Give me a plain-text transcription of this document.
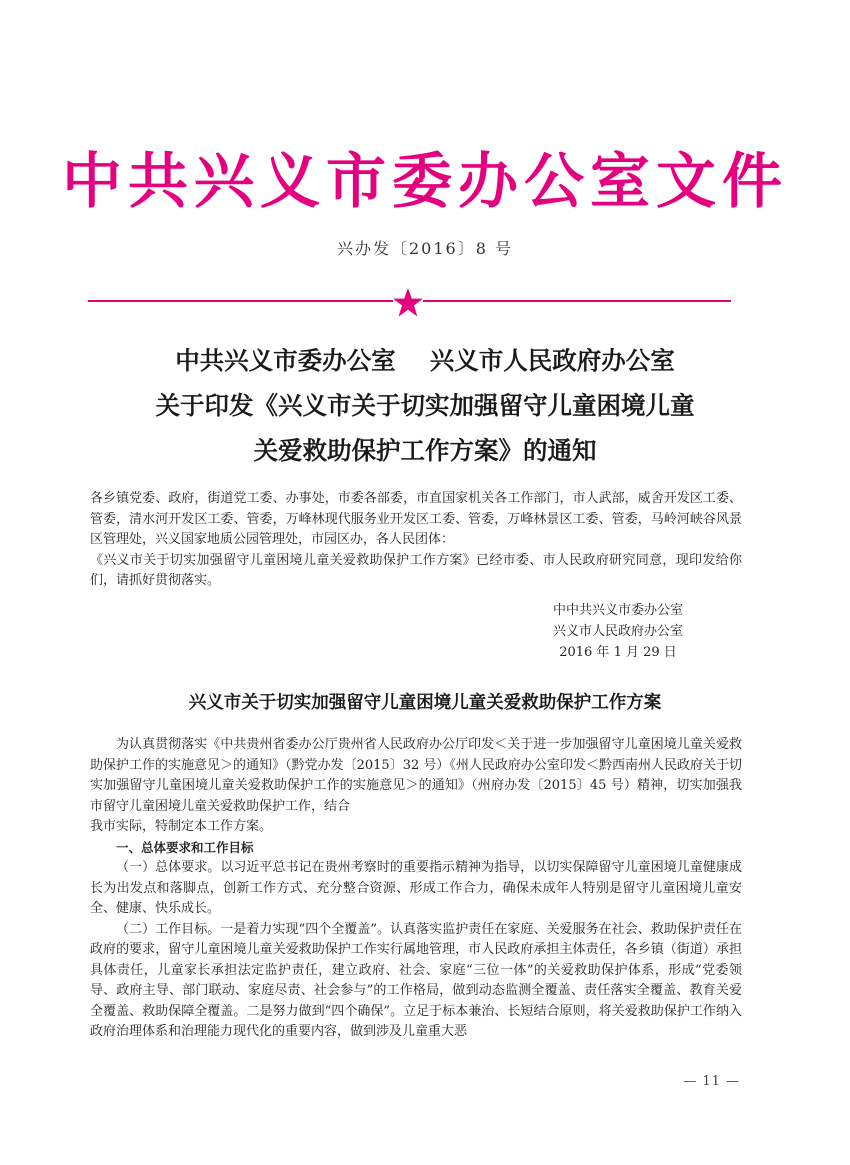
中共兴义市委办公室文件
兴办发〔2016〕8 号
中共兴义市委办公室    兴义市人民政府办公室
关于印发《兴义市关于切实加强留守儿童困境儿童
关爱救助保护工作方案》的通知

各乡镇党委、政府，街道党工委、办事处，市委各部委，市直国家机关各工作部门，市人武部，威舍开发区工委、管委，清水河开发区工委、管委，万峰林现代服务业开发区工委、管委，万峰林景区工委、管委，马岭河峡谷风景区管理处，兴义国家地质公园管理处，市园区办，各人民团体：

《兴义市关于切实加强留守儿童困境儿童关爱救助保护工作方案》已经市委、市人民政府研究同意，现印发给你们，请抓好贯彻落实。

中中共兴义市委办公室
兴义市人民政府办公室
2016 年 1 月 29 日
兴义市关于切实加强留守儿童困境儿童关爱救助保护工作方案

为认真贯彻落实《中共贵州省委办公厅贵州省人民政府办公厅印发＜关于进一步加强留守儿童困境儿童关爱救助保护工作的实施意见＞的通知》（黔党办发〔2015〕32 号）《州人民政府办公室印发＜黔西南州人民政府关于切实加强留守儿童困境儿童关爱救助保护工作的实施意见＞的通知》（州府办发〔2015〕45 号）精神，切实加强我市留守儿童困境儿童关爱救助保护工作，结合

我市实际，特制定本工作方案。

一、总体要求和工作目标

（一）总体要求。以习近平总书记在贵州考察时的重要指示精神为指导，以切实保障留守儿童困境儿童健康成长为出发点和落脚点，创新工作方式、充分整合资源、形成工作合力，确保未成年人特别是留守儿童困境儿童安全、健康、快乐成长。

（二）工作目标。一是着力实现“四个全覆盖”。认真落实监护责任在家庭、关爱服务在社会、救助保护责任在政府的要求，留守儿童困境儿童关爱救助保护工作实行属地管理，市人民政府承担主体责任，各乡镇（街道）承担具体责任，儿童家长承担法定监护责任，建立政府、社会、家庭“三位一体”的关爱救助保护体系，形成“党委领导、政府主导、部门联动、家庭尽责、社会参与”的工作格局，做到动态监测全覆盖、责任落实全覆盖、教育关爱全覆盖、救助保障全覆盖。二是努力做到“四个确保”。立足于标本兼治、长短结合原则，将关爱救助保护工作纳入政府治理体系和治理能力现代化的重要内容，做到涉及儿童重大恶

— 11 —
